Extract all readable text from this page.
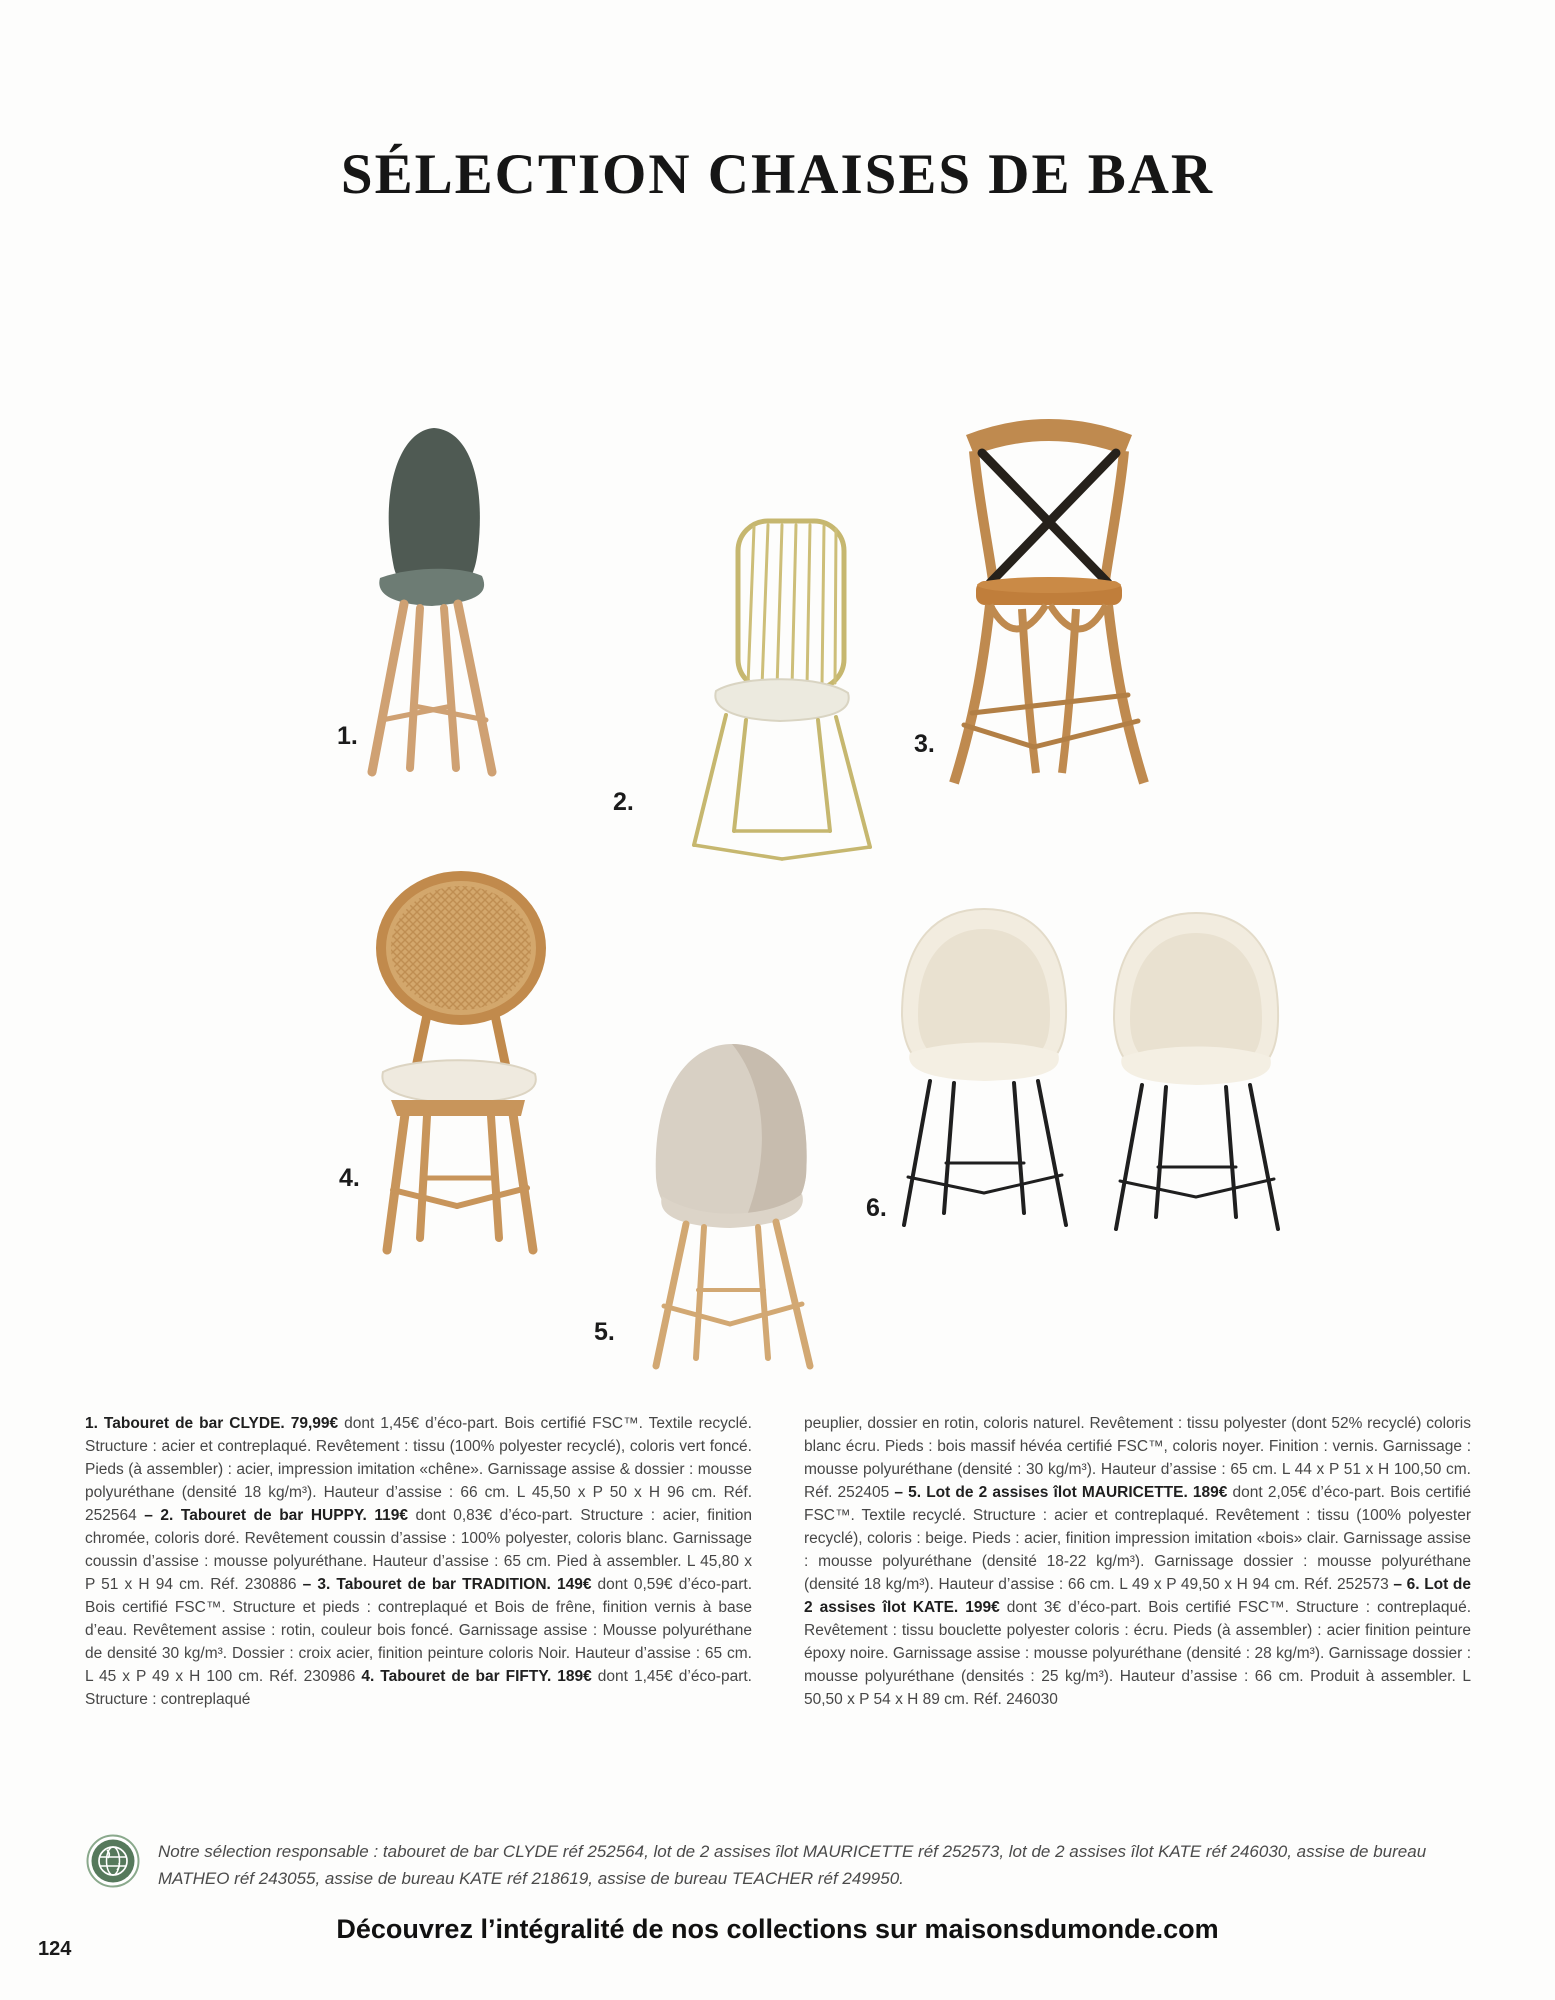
SÉLECTION CHAISES DE BAR
1.
2.
3.
4.
5.
6.

1. Tabouret de bar CLYDE. 79,99€ dont 1,45€ d’éco-part. Bois certifié FSC™. Textile recyclé. Structure : acier et contreplaqué. Revêtement : tissu (100% polyester recyclé), coloris vert foncé. Pieds (à assembler) : acier, impression imitation «chêne». Garnissage assise & dossier : mousse polyuréthane (densité 18 kg/m³). Hauteur d’assise : 66 cm. L 45,50 x P 50 x H 96 cm. Réf. 252564 – 2. Tabouret de bar HUPPY. 119€ dont 0,83€ d’éco-part. Structure : acier, finition chromée, coloris doré. Revêtement coussin d’assise : 100% polyester, coloris blanc. Garnissage coussin d’assise : mousse polyuréthane. Hauteur d’assise : 65 cm. Pied à assembler. L 45,80 x P 51 x H 94 cm. Réf. 230886 – 3. Tabouret de bar TRADITION. 149€ dont 0,59€ d’éco-part. Bois certifié FSC™. Structure et pieds : contreplaqué et Bois de frêne, finition vernis à base d’eau. Revêtement assise : rotin, couleur bois foncé. Garnissage assise : Mousse polyuréthane de densité 30 kg/m³. Dossier : croix acier, finition peinture coloris Noir. Hauteur d’assise : 65 cm. L 45 x P 49 x H 100 cm. Réf. 230986 4. Tabouret de bar FIFTY. 189€ dont 1,45€ d’éco-part. Structure : contreplaqué

peuplier, dossier en rotin, coloris naturel. Revêtement : tissu polyester (dont 52% recyclé) coloris blanc écru. Pieds : bois massif hévéa certifié FSC™, coloris noyer. Finition : vernis. Garnissage : mousse polyuréthane (densité : 30 kg/m³). Hauteur d’assise : 65 cm. L 44 x P 51 x H 100,50 cm. Réf. 252405 – 5. Lot de 2 assises îlot MAURICETTE. 189€ dont 2,05€ d’éco-part. Bois certifié FSC™. Textile recyclé. Structure : acier et contreplaqué. Revêtement : tissu (100% polyester recyclé), coloris : beige. Pieds : acier, finition impression imitation «bois» clair. Garnissage assise : mousse polyuréthane (densité 18-22 kg/m³). Garnissage dossier : mousse polyuréthane (densité 18 kg/m³). Hauteur d’assise : 66 cm. L 49 x P 49,50 x H 94 cm. Réf. 252573 – 6. Lot de 2 assises îlot KATE. 199€ dont 3€ d’éco-part. Bois certifié FSC™. Structure : contreplaqué. Revêtement : tissu bouclette polyester coloris : écru. Pieds (à assembler) : acier finition peinture époxy noire. Garnissage assise : mousse polyuréthane (densité : 28 kg/m³). Garnissage dossier : mousse polyuréthane (densités : 25 kg/m³). Hauteur d’assise : 66 cm. Produit à assembler. L 50,50 x P 54 x H 89 cm. Réf. 246030

Notre sélection responsable : tabouret de bar CLYDE réf 252564, lot de 2 assises îlot MAURICETTE réf 252573, lot de 2 assises îlot KATE réf 246030, assise de bureau MATHEO réf 243055, assise de bureau KATE réf 218619, assise de bureau TEACHER réf 249950.

Découvrez l’intégralité de nos collections sur maisonsdumonde.com

124
